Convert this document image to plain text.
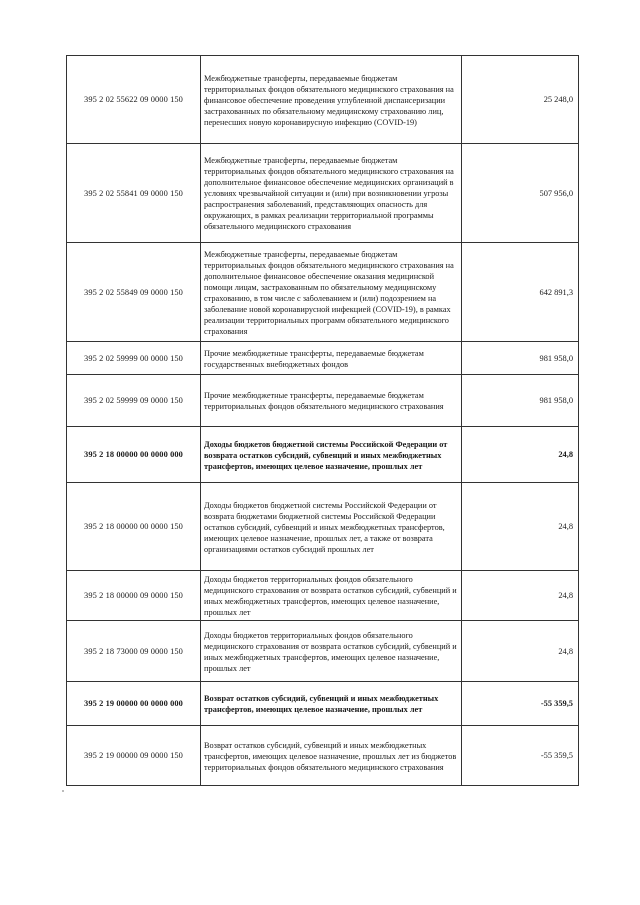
395 2 02 55622 09 0000 150	Межбюджетные трансферты, передаваемые бюджетам территориальных фондов обязательного медицинского страхования на финансовое обеспечение проведения углубленной диспансеризации застрахованных по обязательному медицинскому страхованию лиц, перенесших новую коронавирусную инфекцию (COVID-19)	25 248,0
395 2 02 55841 09 0000 150	Межбюджетные трансферты, передаваемые бюджетам территориальных фондов обязательного медицинского страхования на дополнительное финансовое обеспечение медицинских организаций в условиях чрезвычайной ситуации и (или) при возникновении угрозы распространения заболеваний, представляющих опасность для окружающих, в рамках реализации территориальной программы обязательного медицинского страхования	507 956,0
395 2 02 55849 09 0000 150	Межбюджетные трансферты, передаваемые бюджетам территориальных фондов обязательного медицинского страхования на дополнительное финансовое обеспечение оказания медицинской помощи лицам, застрахованным по обязательному медицинскому страхованию, в том числе с заболеванием и (или) подозрением на заболевание новой коронавирусной инфекцией (COVID-19), в рамках реализации территориальных программ обязательного медицинского страхования	642 891,3
395 2 02 59999 00 0000 150	Прочие межбюджетные трансферты, передаваемые бюджетам государственных внебюджетных фондов	981 958,0
395 2 02 59999 09 0000 150	Прочие межбюджетные трансферты, передаваемые бюджетам территориальных фондов обязательного медицинского страхования	981 958,0
395 2 18 00000 00 0000 000	Доходы бюджетов бюджетной системы Российской Федерации от возврата остатков субсидий, субвенций и иных межбюджетных трансфертов, имеющих целевое назначение, прошлых лет	24,8
395 2 18 00000 00 0000 150	Доходы бюджетов бюджетной системы Российской Федерации от возврата бюджетами бюджетной системы Российской Федерации остатков субсидий, субвенций и иных межбюджетных трансфертов, имеющих целевое назначение, прошлых лет, а также от возврата организациями остатков субсидий прошлых лет	24,8
395 2 18 00000 09 0000 150	Доходы бюджетов территориальных фондов обязательного медицинского страхования от возврата остатков субсидий, субвенций и иных межбюджетных трансфертов, имеющих целевое назначение, прошлых лет	24,8
395 2 18 73000 09 0000 150	Доходы бюджетов территориальных фондов обязательного медицинского страхования от возврата остатков субсидий, субвенций и иных межбюджетных трансфертов, имеющих целевое назначение, прошлых лет	24,8
395 2 19 00000 00 0000 000	Возврат остатков субсидий, субвенций и иных межбюджетных трансфертов, имеющих целевое назначение, прошлых лет	-55 359,5
395 2 19 00000 09 0000 150	Возврат остатков субсидий, субвенций и иных межбюджетных трансфертов, имеющих целевое назначение, прошлых лет из бюджетов территориальных фондов обязательного медицинского страхования	-55 359,5
